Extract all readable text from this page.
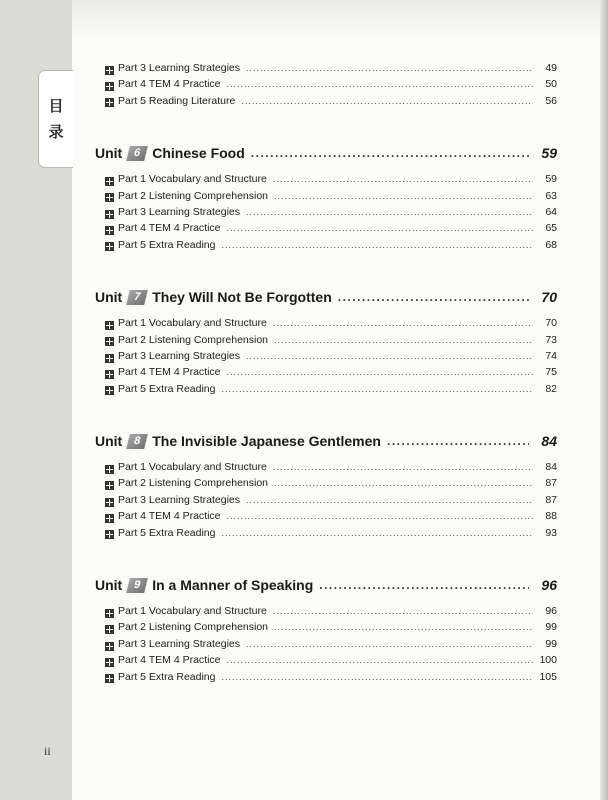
目
录
Part 3 Learning Strategies .....	49
Part 4 TEM 4 Practice .....	50
Part 5 Reading Literature .....	56
Unit 6 Chinese Food .....	59
Part 1 Vocabulary and Structure .....	59
Part 2 Listening Comprehension .....	63
Part 3 Learning Strategies .....	64
Part 4 TEM 4 Practice .....	65
Part 5 Extra Reading .....	68
Unit 7 They Will Not Be Forgotten .....	70
Part 1 Vocabulary and Structure .....	70
Part 2 Listening Comprehension .....	73
Part 3 Learning Strategies .....	74
Part 4 TEM 4 Practice .....	75
Part 5 Extra Reading .....	82
Unit 8 The Invisible Japanese Gentlemen .....	84
Part 1 Vocabulary and Structure .....	84
Part 2 Listening Comprehension .....	87
Part 3 Learning Strategies .....	87
Part 4 TEM 4 Practice .....	88
Part 5 Extra Reading .....	93
Unit 9 In a Manner of Speaking .....	96
Part 1 Vocabulary and Structure .....	96
Part 2 Listening Comprehension .....	99
Part 3 Learning Strategies .....	99
Part 4 TEM 4 Practice .....	100
Part 5 Extra Reading .....	105
ii
